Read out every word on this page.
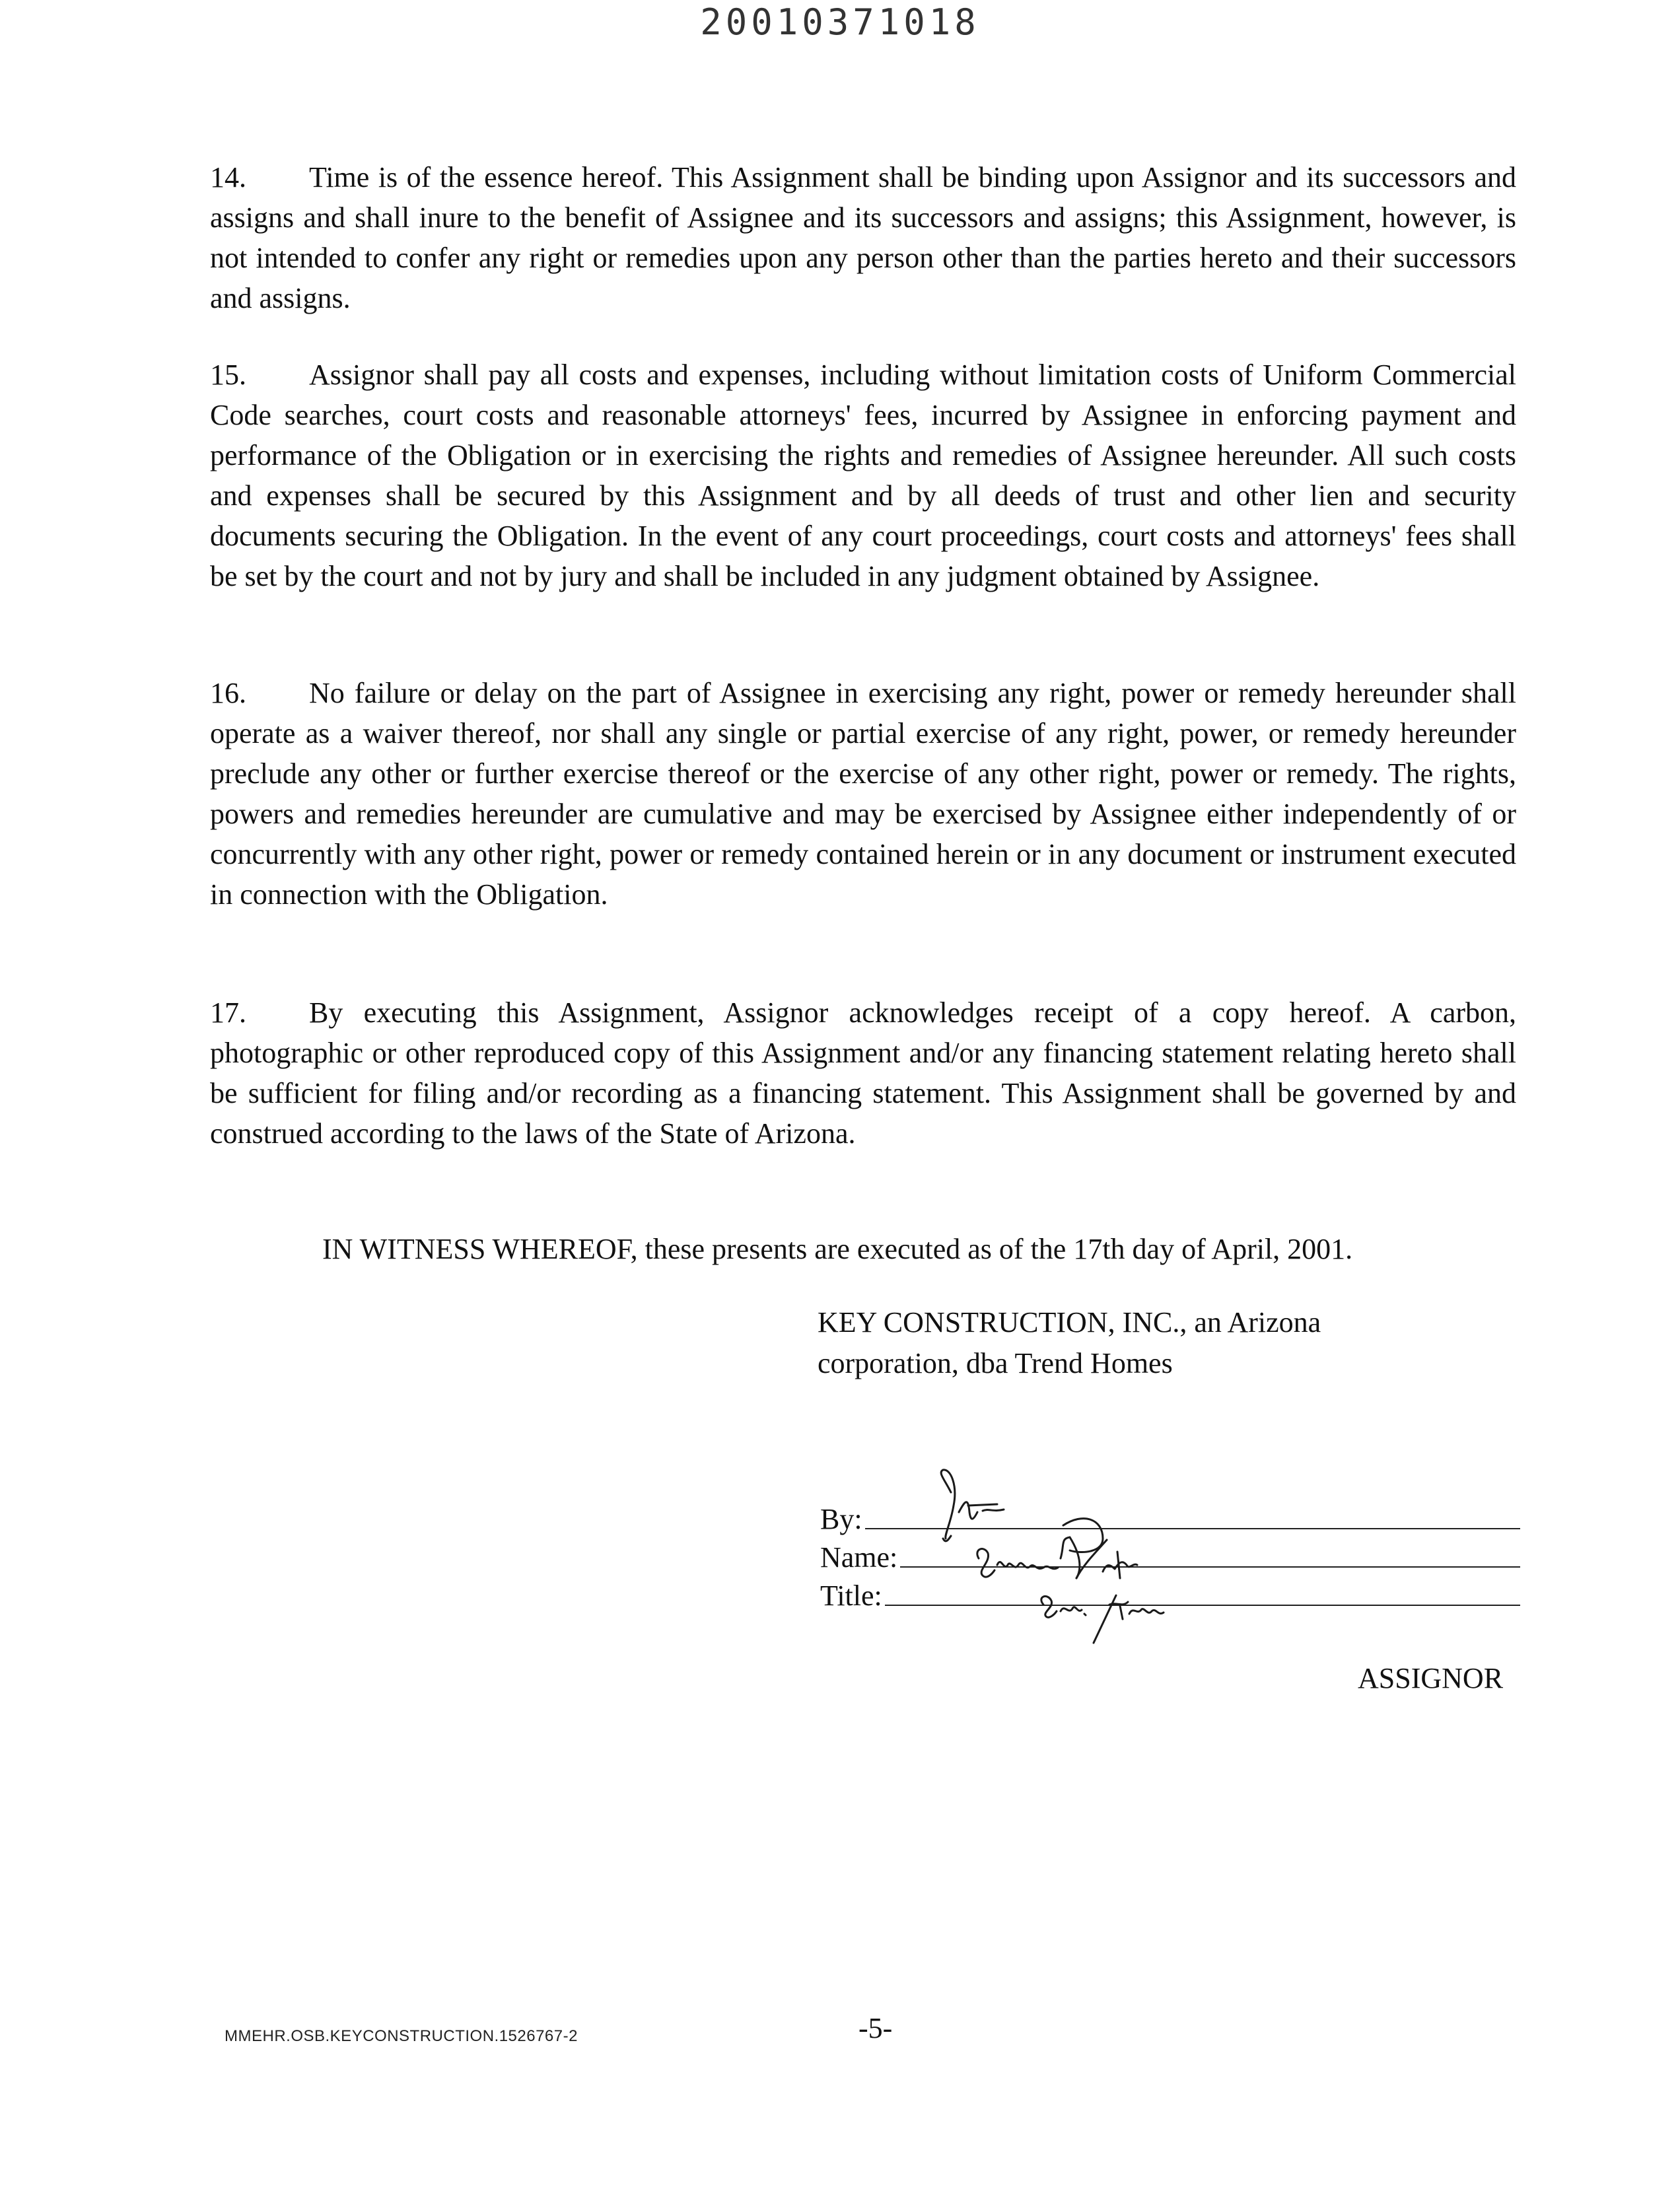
20010371018

14. Time is of the essence hereof. This Assignment shall be binding upon Assignor and its successors and assigns and shall inure to the benefit of Assignee and its successors and assigns; this Assignment, however, is not intended to confer any right or remedies upon any person other than the parties hereto and their successors and assigns.

15. Assignor shall pay all costs and expenses, including without limitation costs of Uniform Commercial Code searches, court costs and reasonable attorneys' fees, incurred by Assignee in enforcing payment and performance of the Obligation or in exercising the rights and remedies of Assignee hereunder. All such costs and expenses shall be secured by this Assignment and by all deeds of trust and other lien and security documents securing the Obligation. In the event of any court proceedings, court costs and attorneys' fees shall be set by the court and not by jury and shall be included in any judgment obtained by Assignee.

16. No failure or delay on the part of Assignee in exercising any right, power or remedy hereunder shall operate as a waiver thereof, nor shall any single or partial exercise of any right, power, or remedy hereunder preclude any other or further exercise thereof or the exercise of any other right, power or remedy. The rights, powers and remedies hereunder are cumulative and may be exercised by Assignee either independently of or concurrently with any other right, power or remedy contained herein or in any document or instrument executed in connection with the Obligation.

17. By executing this Assignment, Assignor acknowledges receipt of a copy hereof. A carbon, photographic or other reproduced copy of this Assignment and/or any financing statement relating hereto shall be sufficient for filing and/or recording as a financing statement. This Assignment shall be governed by and construed according to the laws of the State of Arizona.

IN WITNESS WHEREOF, these presents are executed as of the 17th day of April, 2001.
KEY CONSTRUCTION, INC., an Arizona
corporation, dba Trend Homes
By:
Name:
Title:
ASSIGNOR
MMEHR.OSB.KEYCONSTRUCTION.1526767-2	-5-
